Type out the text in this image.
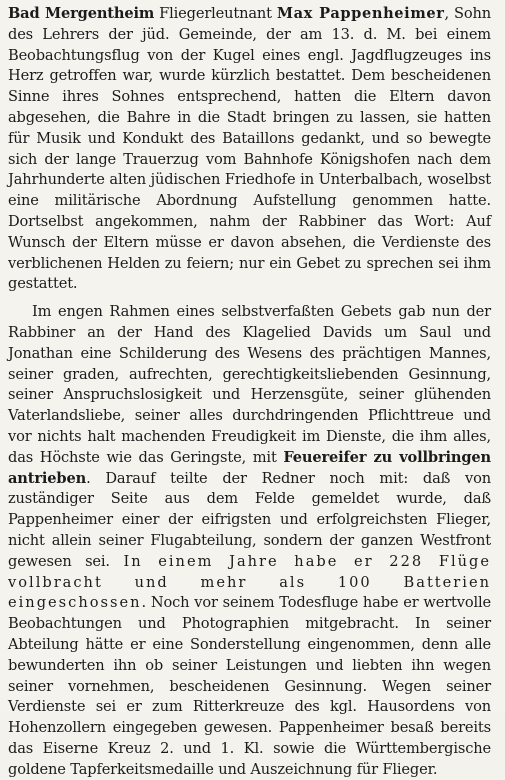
Bad Mergentheim Fliegerleutnant Max Pappenheimer, Sohn des Lehrers der jüd. Gemeinde, der am 13. d. M. bei einem Beobachtungsflug von der Kugel eines engl. Jagdflugzeuges ins Herz getroffen war, wurde kürzlich bestattet. Dem bescheidenen Sinne ihres Sohnes entsprechend, hatten die Eltern davon abgesehen, die Bahre in die Stadt bringen zu lassen, sie hatten für Musik und Kondukt des Bataillons gedankt, und so bewegte sich der lange Trauerzug vom Bahnhofe Königshofen nach dem Jahrhunderte alten jüdischen Friedhofe in Unterbalbach, woselbst eine militärische Abordnung Aufstellung genommen hatte. Dortselbst angekommen, nahm der Rabbiner das Wort: Auf Wunsch der Eltern müsse er davon absehen, die Verdienste des verblichenen Helden zu feiern; nur ein Gebet zu sprechen sei ihm gestattet.

Im engen Rahmen eines selbstverfaßten Gebets gab nun der Rabbiner an der Hand des Klagelied Davids um Saul und Jonathan eine Schilderung des Wesens des prächtigen Mannes, seiner graden, aufrechten, gerechtigkeitsliebenden Gesinnung, seiner Anspruchslosigkeit und Herzensgüte, seiner glühenden Vaterlandsliebe, seiner alles durchdringenden Pflichttreue und vor nichts halt machenden Freudigkeit im Dienste, die ihm alles, das Höchste wie das Geringste, mit Feuereifer zu vollbringen antrieben. Darauf teilte der Redner noch mit: daß von zuständiger Seite aus dem Felde gemeldet wurde, daß Pappenheimer einer der eifrigsten und erfolgreichsten Flieger, nicht allein seiner Flugabteilung, sondern der ganzen Westfront gewesen sei. In einem Jahre habe er 228 Flüge vollbracht und mehr als 100 Batterien eingeschossen. Noch vor seinem Todesfluge habe er wertvolle Beobachtungen und Photographien mitgebracht. In seiner Abteilung hätte er eine Sonderstellung eingenommen, denn alle bewunderten ihn ob seiner Leistungen und liebten ihn wegen seiner vornehmen, bescheidenen Gesinnung. Wegen seiner Verdienste sei er zum Ritterkreuze des kgl. Hausordens von Hohenzollern eingegeben gewesen. Pappenheimer besaß bereits das Eiserne Kreuz 2. und 1. Kl. sowie die Württembergische goldene Tapferkeitsmedaille und Auszeichnung für Flieger.
